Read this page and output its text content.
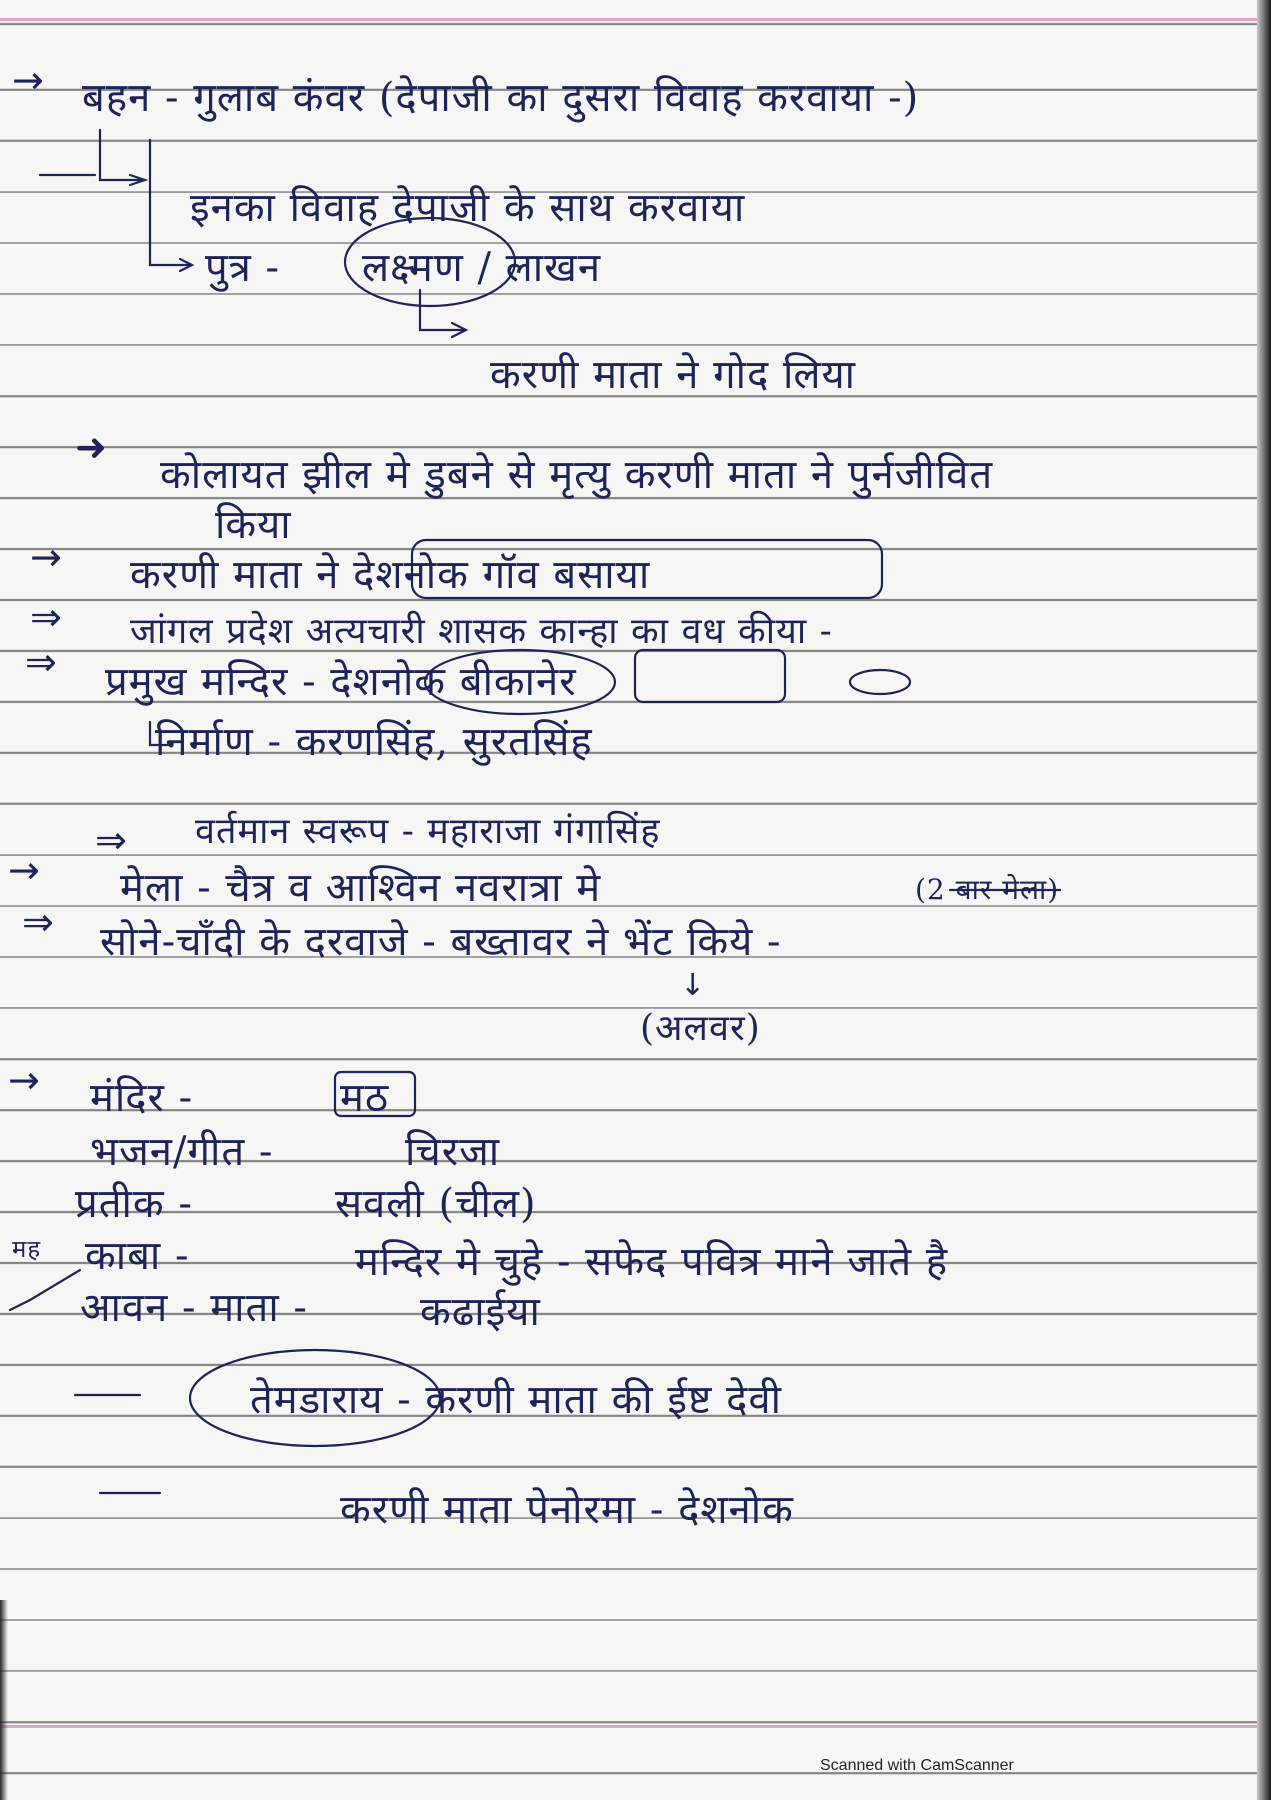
→
➜
→
⇒
⇒
⇒
→
⇒
→
↓
बहन - गुलाब कंवर (देपाजी का दुसरा विवाह करवाया -)
इनका विवाह देपाजी के साथ करवाया
पुत्र - लक्ष्मण / लाखन
करणी माता ने गोद लिया
कोलायत झील मे डुबने से मृत्यु करणी माता ने पुर्नजीवित
किया
करणी माता ने देशनोक गॉव बसाया
जांगल प्रदेश अत्यचारी शासक कान्हा का वध कीया -
प्रमुख मन्दिर - देशनोक बीकानेर
निर्माण - करणसिंह, सुरतसिंह
वर्तमान स्वरूप - महाराजा गंगासिंह
मेला - चैत्र व आश्विन नवरात्रा मे	(2 बार मेला)
सोने-चाँदी के दरवाजे - बख्तावर ने भेंट किये -
(अलवर)
मंदिर -	मठ
भजन/गीत -	चिरजा
प्रतीक -	सवली (चील)
मह काबा -	मन्दिर मे चुहे - सफेद पवित्र माने जाते है
आवन - माता -	कढाईया
तेमडाराय - करणी माता की ईष्ट देवी
करणी माता पेनोरमा - देशनोक
Scanned with CamScanner
